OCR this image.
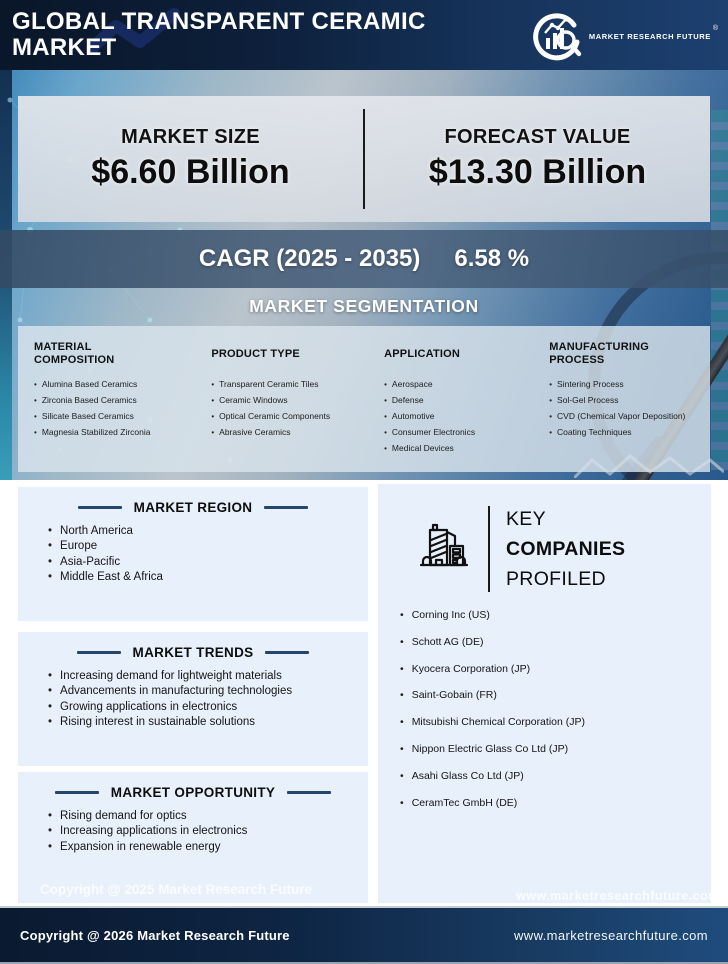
GLOBAL TRANSPARENT CERAMIC MARKET	MARKET RESEARCH FUTURE
®
MARKET SIZE
$6.60 Billion
FORECAST VALUE
$13.30 Billion
CAGR (2025 - 2035) 6.58 %
MARKET SEGMENTATION
MATERIAL COMPOSITION
• Alumina Based Ceramics
• Zirconia Based Ceramics
• Silicate Based Ceramics
• Magnesia Stabilized Zirconia
PRODUCT TYPE
• Transparent Ceramic Tiles
• Ceramic Windows
• Optical Ceramic Components
• Abrasive Ceramics
APPLICATION
• Aerospace
• Defense
• Automotive
• Consumer Electronics
• Medical Devices
MANUFACTURING PROCESS
• Sintering Process
• Sol-Gel Process
• CVD (Chemical Vapor Deposition)
• Coating Techniques
MARKET REGION
• North America
• Europe
• Asia-Pacific
• Middle East & Africa
MARKET TRENDS
• Increasing demand for lightweight materials
• Advancements in manufacturing technologies
• Growing applications in electronics
• Rising interest in sustainable solutions
MARKET OPPORTUNITY
• Rising demand for optics
• Increasing applications in electronics
• Expansion in renewable energy
KEY
COMPANIES
PROFILED
• Corning Inc (US)
• Schott AG (DE)
• Kyocera Corporation (JP)
• Saint-Gobain (FR)
• Mitsubishi Chemical Corporation (JP)
• Nippon Electric Glass Co Ltd (JP)
• Asahi Glass Co Ltd (JP)
• CeramTec GmbH (DE)
Copyright @ 2025 Market Research Future	www.marketresearchfuture.com
Copyright @ 2026 Market Research Future	www.marketresearchfuture.com
